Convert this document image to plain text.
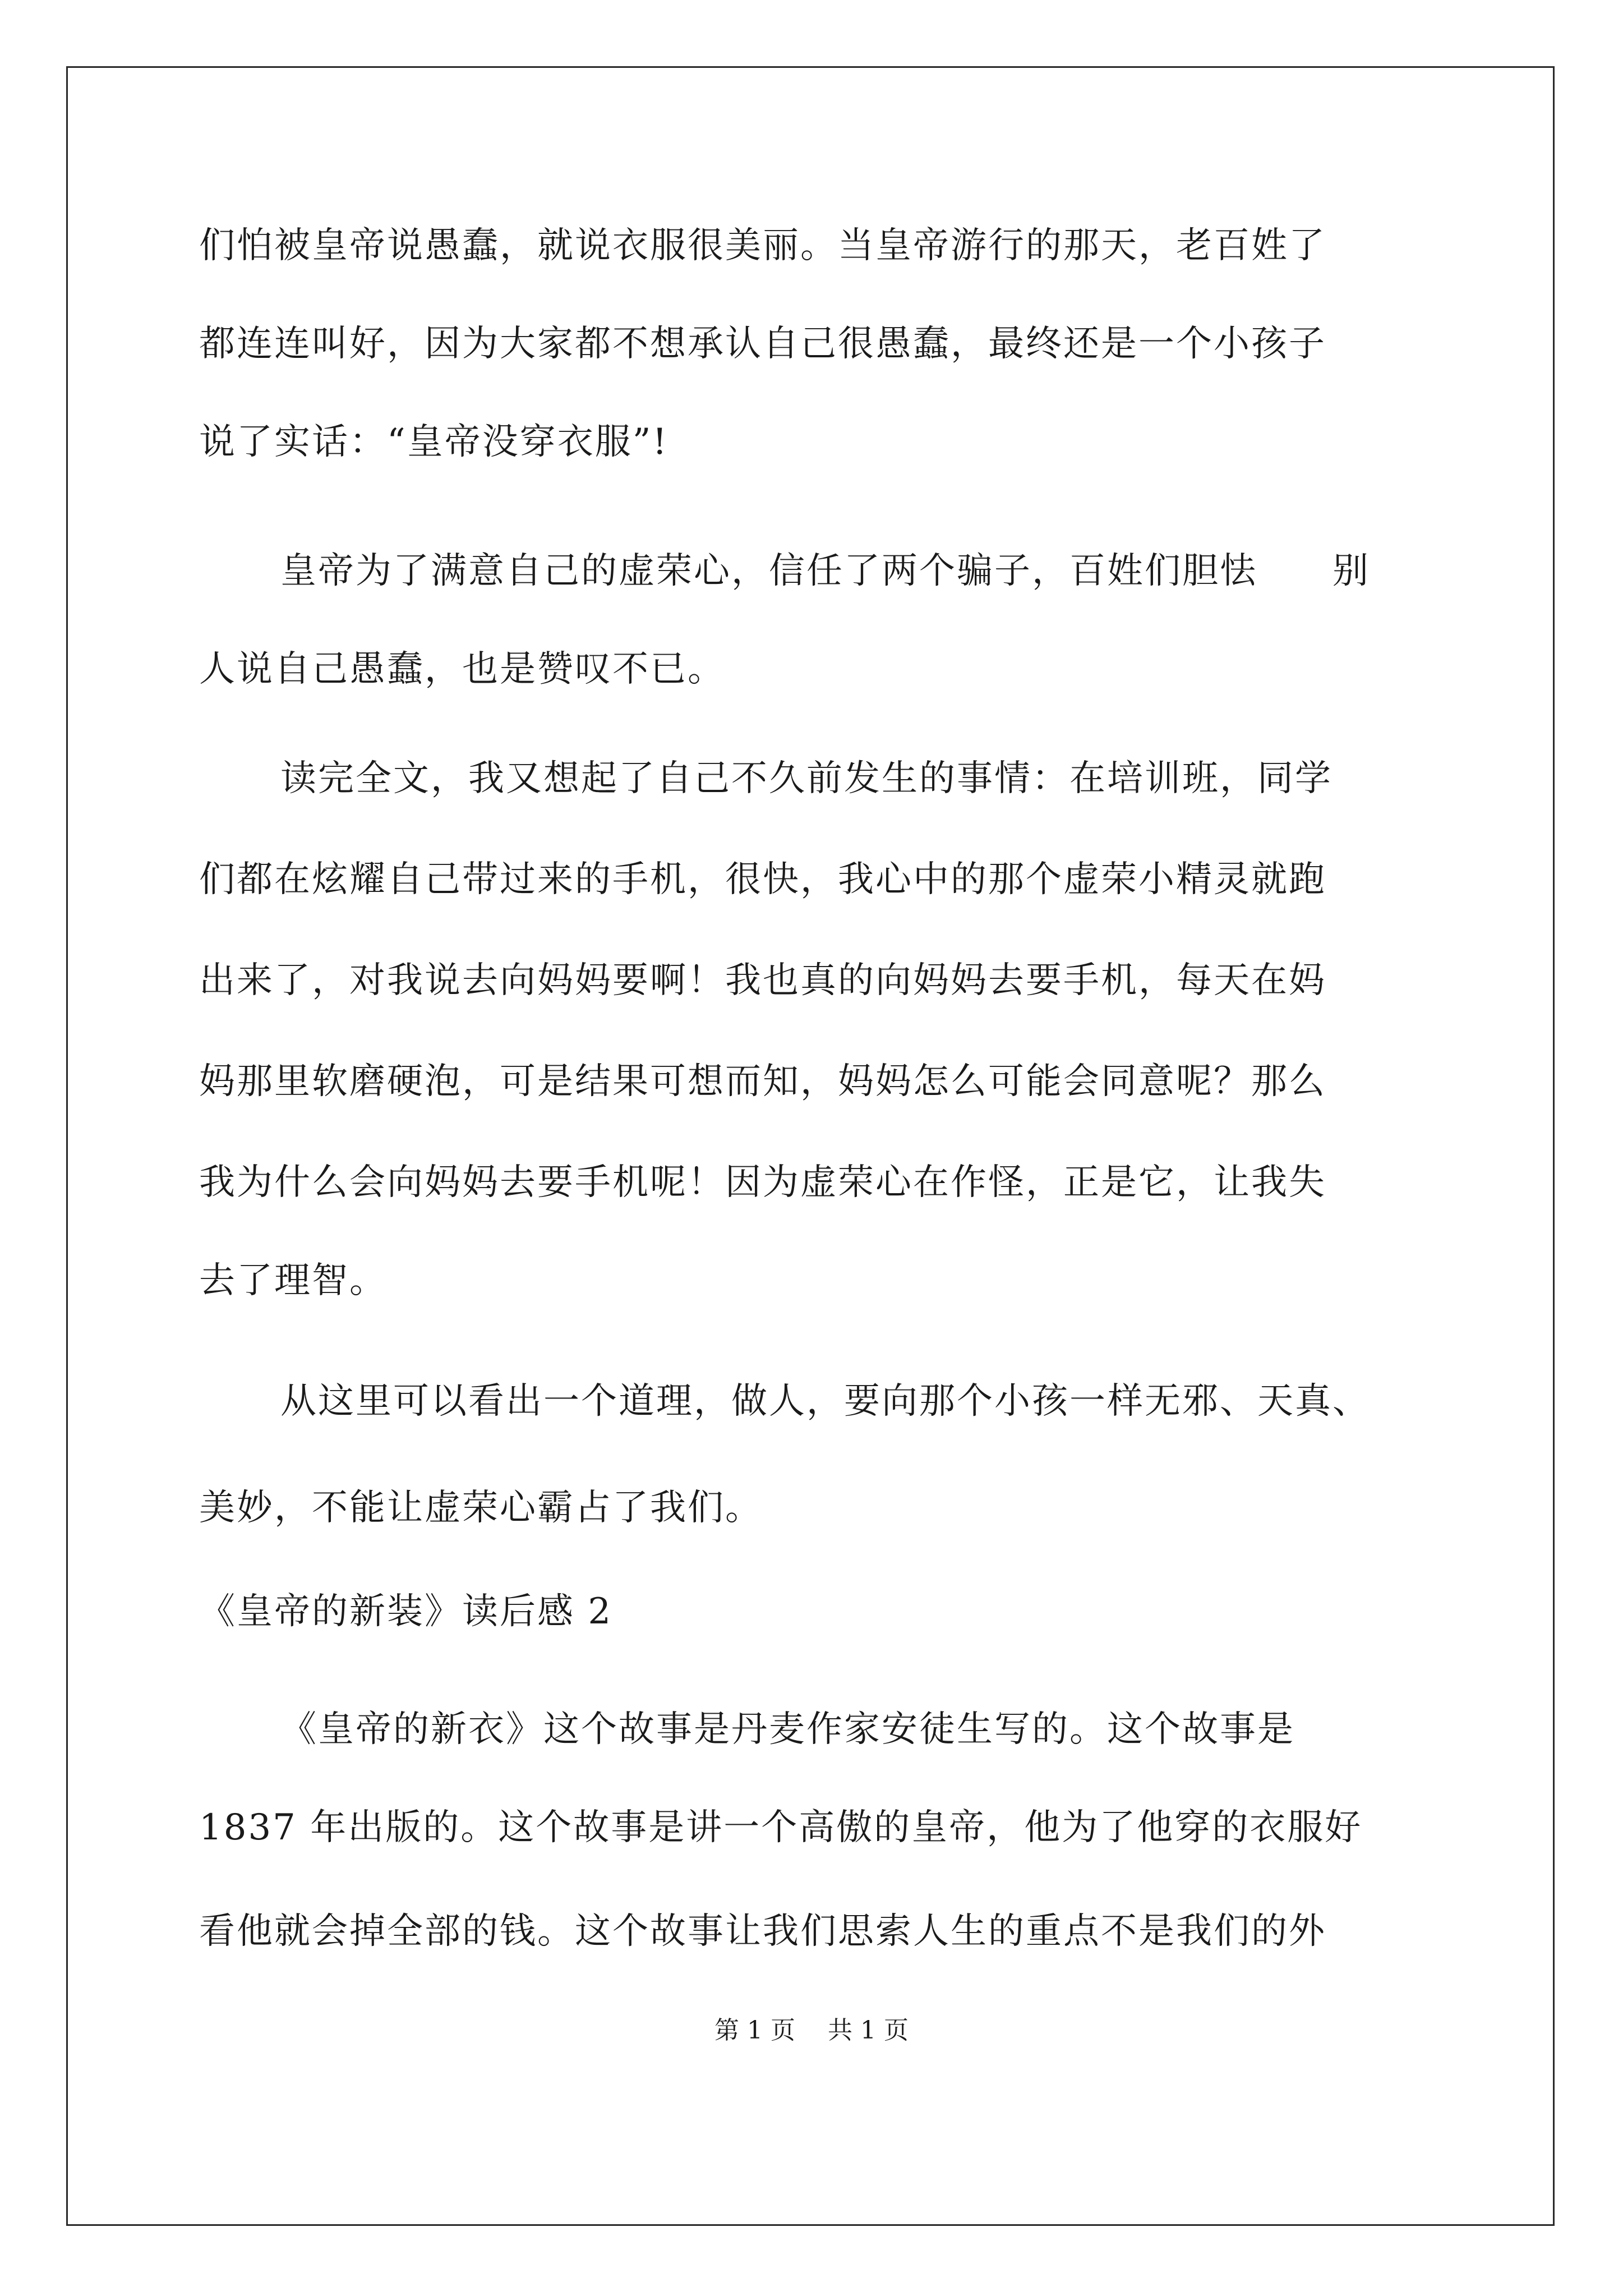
们怕被皇帝说愚蠢，就说衣服很美丽。当皇帝游行的那天，老百姓了
都连连叫好，因为大家都不想承认自己很愚蠢，最终还是一个小孩子
说了实话：“皇帝没穿衣服”!
皇帝为了满意自己的虚荣心，信任了两个骗子，百姓们胆怯　　别
人说自己愚蠢，也是赞叹不已。
读完全文，我又想起了自己不久前发生的事情：在培训班，同学
们都在炫耀自己带过来的手机，很快，我心中的那个虚荣小精灵就跑
出来了，对我说去向妈妈要啊！我也真的向妈妈去要手机，每天在妈
妈那里软磨硬泡，可是结果可想而知，妈妈怎么可能会同意呢？那么
我为什么会向妈妈去要手机呢！因为虚荣心在作怪，正是它，让我失
去了理智。
从这里可以看出一个道理，做人，要向那个小孩一样无邪、天真、
美妙，不能让虚荣心霸占了我们。
《皇帝的新装》读后感 2
《皇帝的新衣》这个故事是丹麦作家安徒生写的。这个故事是
1837 年出版的。这个故事是讲一个高傲的皇帝，他为了他穿的衣服好
看他就会掉全部的钱。这个故事让我们思索人生的重点不是我们的外
第 1 页　 共 1 页
